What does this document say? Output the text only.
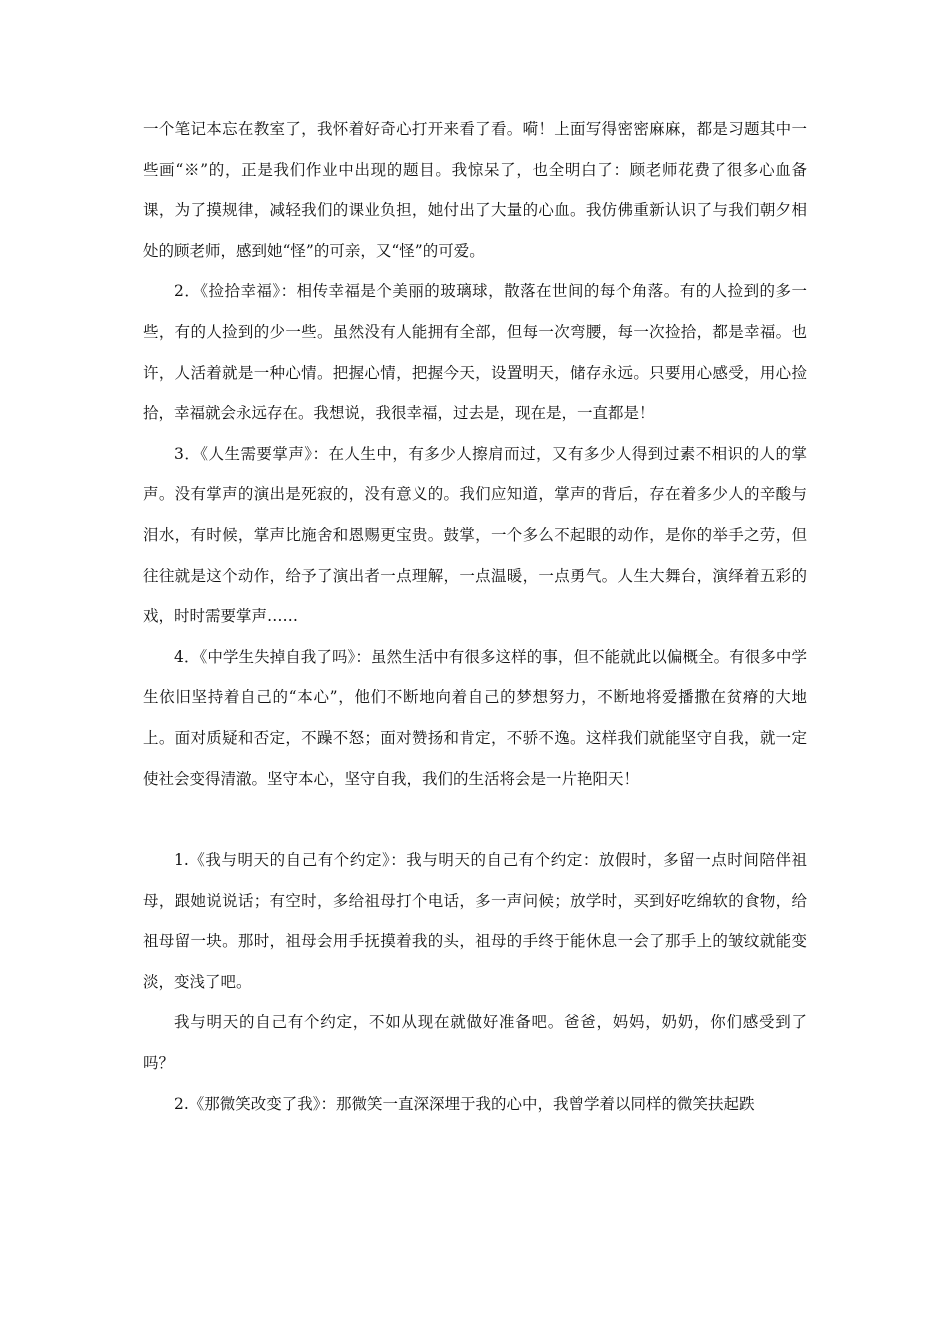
一个笔记本忘在教室了，我怀着好奇心打开来看了看。嗬！上面写得密密麻麻，都是习题其中一些画“※”的，正是我们作业中出现的题目。我惊呆了，也全明白了：顾老师花费了很多心血备课，为了摸规律，减轻我们的课业负担，她付出了大量的心血。我仿佛重新认识了与我们朝夕相处的顾老师，感到她“怪”的可亲，又“怪”的可爱。

2．《捡拾幸福》：相传幸福是个美丽的玻璃球，散落在世间的每个角落。有的人捡到的多一些，有的人捡到的少一些。虽然没有人能拥有全部，但每一次弯腰，每一次捡拾，都是幸福。也许，人活着就是一种心情。把握心情，把握今天，设置明天，储存永远。只要用心感受，用心捡拾，幸福就会永远存在。我想说，我很幸福，过去是，现在是，一直都是！

3．《人生需要掌声》：在人生中，有多少人擦肩而过，又有多少人得到过素不相识的人的掌声。没有掌声的演出是死寂的，没有意义的。我们应知道，掌声的背后，存在着多少人的辛酸与泪水，有时候，掌声比施舍和恩赐更宝贵。鼓掌，一个多么不起眼的动作，是你的举手之劳，但往往就是这个动作，给予了演出者一点理解，一点温暖，一点勇气。人生大舞台，演绎着五彩的戏，时时需要掌声……

4．《中学生失掉自我了吗》：虽然生活中有很多这样的事，但不能就此以偏概全。有很多中学生依旧坚持着自己的“本心”，他们不断地向着自己的梦想努力，不断地将爱播撒在贫瘠的大地上。面对质疑和否定，不躁不怒；面对赞扬和肯定，不骄不逸。这样我们就能坚守自我，就一定使社会变得清澈。坚守本心，坚守自我，我们的生活将会是一片艳阳天！

1.《我与明天的自己有个约定》：我与明天的自己有个约定：放假时，多留一点时间陪伴祖母，跟她说说话；有空时，多给祖母打个电话，多一声问候；放学时，买到好吃绵软的食物，给祖母留一块。那时，祖母会用手抚摸着我的头，祖母的手终于能休息一会了那手上的皱纹就能变淡，变浅了吧。

我与明天的自己有个约定，不如从现在就做好准备吧。爸爸，妈妈，奶奶，你们感受到了吗？

2.《那微笑改变了我》：那微笑一直深深埋于我的心中，我曾学着以同样的微笑扶起跌
